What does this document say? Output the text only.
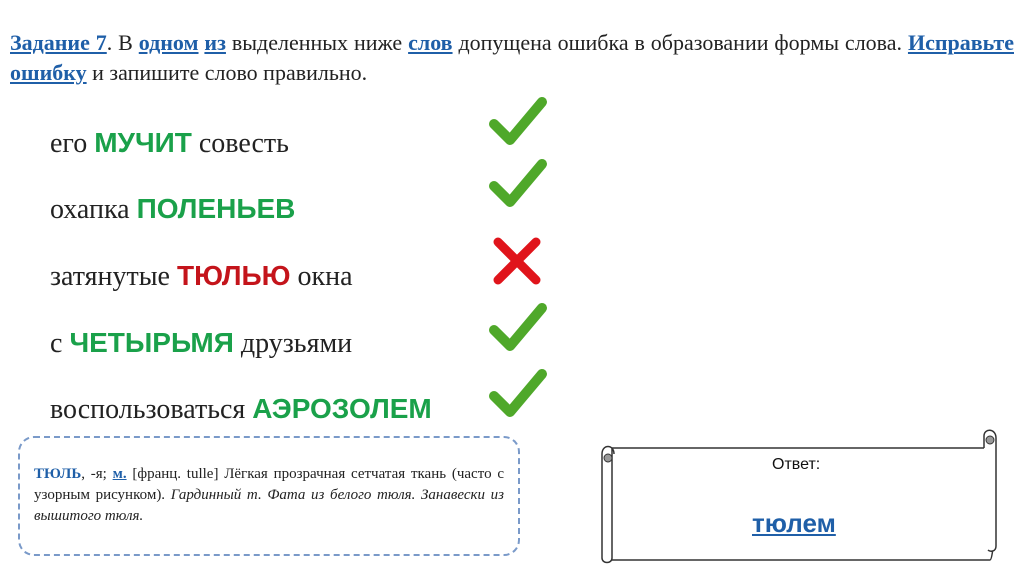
Задание 7. В одном из выделенных ниже слов допущена ошибка в образовании формы слова. Исправьте ошибку и запишите слово правильно.
его МУЧИТ совесть
охапка ПОЛЕНЬЕВ
затянутые ТЮЛЬЮ окна
с ЧЕТЫРЬМЯ друзьями
воспользоваться АЭРОЗОЛЕМ
ТЮЛЬ, -я; м. [франц. tulle] Лёгкая прозрачная сетчатая ткань (часто с узорным рисунком). Гардинный т. Фата из белого тюля. Занавески из вышитого тюля.
Ответ:
тюлем
